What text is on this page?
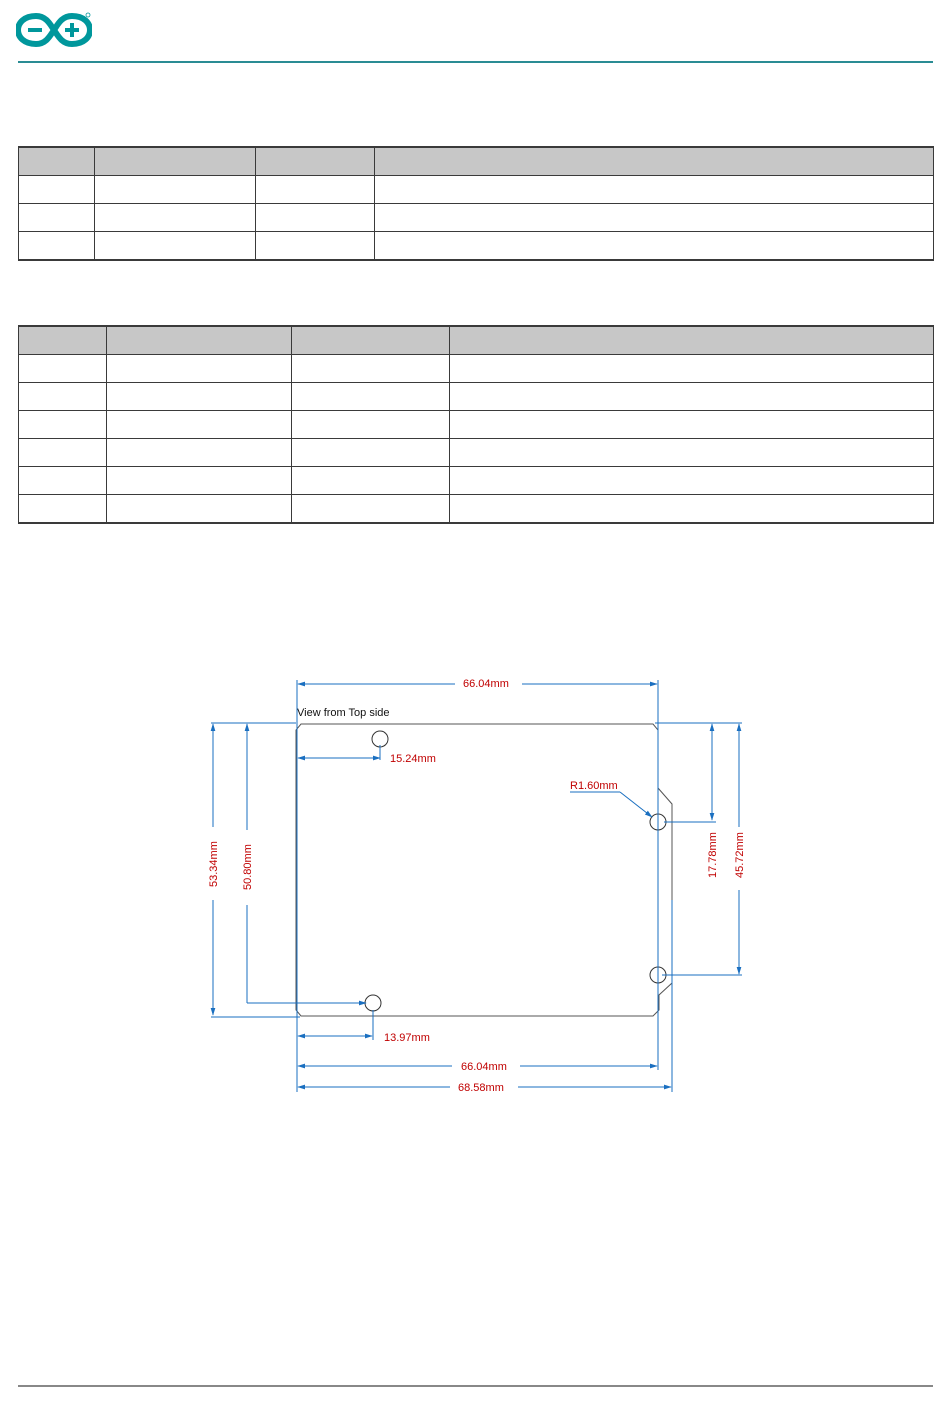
View from Top side
66.04mm
15.24mm
R1.60mm
53.34mm 50.80mm
13.97mm
17.78mm 45.72mm
66.04mm
68.58mm
